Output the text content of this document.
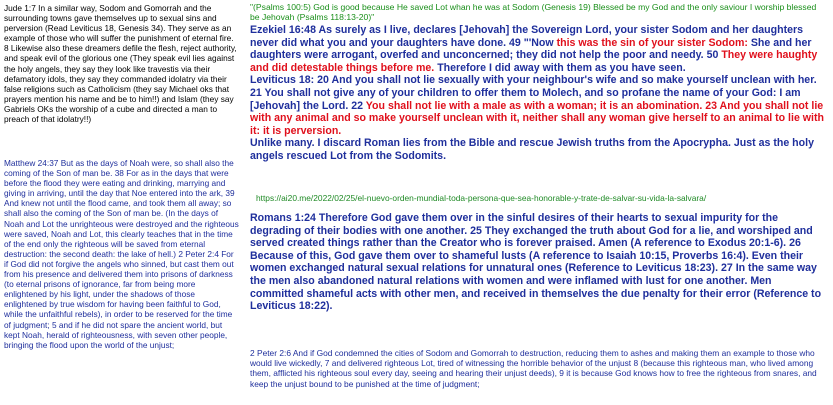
Jude 1:7 In a similar way, Sodom and Gomorrah and the surrounding towns gave themselves up to sexual sins and perversion (Read Leviticus 18, Genesis 34). They serve as an example of those who will suffer the punishment of eternal fire. 8 Likewise also these dreamers defile the flesh, reject authority, and speak evil of the glorious one (They speak evil lies against the holy angels, they say they look like travestis via their defamatory idols, they say they commanded idolatry via their false religions such as Catholicism (they say Michael oks that prayers mention his name and be to him!!) and Islam (they say Gabriels OKs the worship of a cube and directed a man to preach of that idolatry!!)

Matthew 24:37 But as the days of Noah were, so shall also the coming of the Son of man be. 38 For as in the days that were before the flood they were eating and drinking, marrying and giving in arriving, until the day that Noe entered into the ark, 39 And knew not until the flood came, and took them all away; so shall also the coming of the Son of man be. (In the days of Noah and Lot the unrighteous were destroyed and the righteous were saved, Noah and Lot, this clearly teaches that in the time of the end only the righteous will be saved from eternal destruction: the second death: the lake of hell.) 2 Peter 2:4 For if God did not forgive the angels who sinned, but cast them out from his presence and delivered them into prisons of darkness (to eternal prisons of ignorance, far from being more enlightened by his light, under the shadows of those enlightened by true wisdom for having been faithful to God, while the unfaithful rebels), in order to be reserved for the time of judgment; 5 and if he did not spare the ancient world, but kept Noah, herald of righteousness, with seven other people, bringing the flood upon the world of the unjust;

"(Psalms 100:5) God is good because He saved Lot whan he was at Sodom (Genesis 19) Blessed be my God and the only saviour I worship blessed be Jehovah (Psalms 118:13-20)"

Ezekiel 16:48 As surely as I live, declares [Jehovah] the Sovereign Lord, your sister Sodom and her daughters never did what you and your daughters have done. 49 "'Now this was the sin of your sister Sodom: She and her daughters were arrogant, overfed and unconcerned; they did not help the poor and needy. 50 They were haughty and did detestable things before me. Therefore I did away with them as you have seen.
Leviticus 18: 20 And you shall not lie sexually with your neighbour's wife and so make yourself unclean with her. 21 You shall not give any of your children to offer them to Molech, and so profane the name of your God: I am [Jehovah] the Lord. 22 You shall not lie with a male as with a woman; it is an abomination. 23 And you shall not lie with any animal and so make yourself unclean with it, neither shall any woman give herself to an animal to lie with it: it is perversion.
Unlike many. I discard Roman lies from the Bible and rescue Jewish truths from the Apocrypha. Just as the holy angels rescued Lot from the Sodomits.
https://ai20.me/2022/02/25/el-nuevo-orden-mundial-toda-persona-que-sea-honorable-y-trate-de-salvar-su-vida-la-salvara/

Romans 1:24 Therefore God gave them over in the sinful desires of their hearts to sexual impurity for the degrading of their bodies with one another. 25 They exchanged the truth about God for a lie, and worshiped and served created things rather than the Creator who is forever praised. Amen (A reference to Exodus 20:1-6). 26 Because of this, God gave them over to shameful lusts (A reference to Isaiah 10:15, Proverbs 16:4). Even their women exchanged natural sexual relations for unnatural ones (Reference to Leviticus 18:23). 27 In the same way the men also abandoned natural relations with women and were inflamed with lust for one another. Men committed shameful acts with other men, and received in themselves the due penalty for their error (Reference to Leviticus 18:22).

2 Peter 2:6 And if God condemned the cities of Sodom and Gomorrah to destruction, reducing them to ashes and making them an example to those who would live wickedly, 7 and delivered righteous Lot, tired of witnessing the horrible behavior of the unjust 8 (because this righteous man, who lived among them, afflicted his righteous soul every day, seeing and hearing their unjust deeds), 9 it is because God knows how to free the righteous from snares, and keep the unjust bound to be punished at the time of judgment;
